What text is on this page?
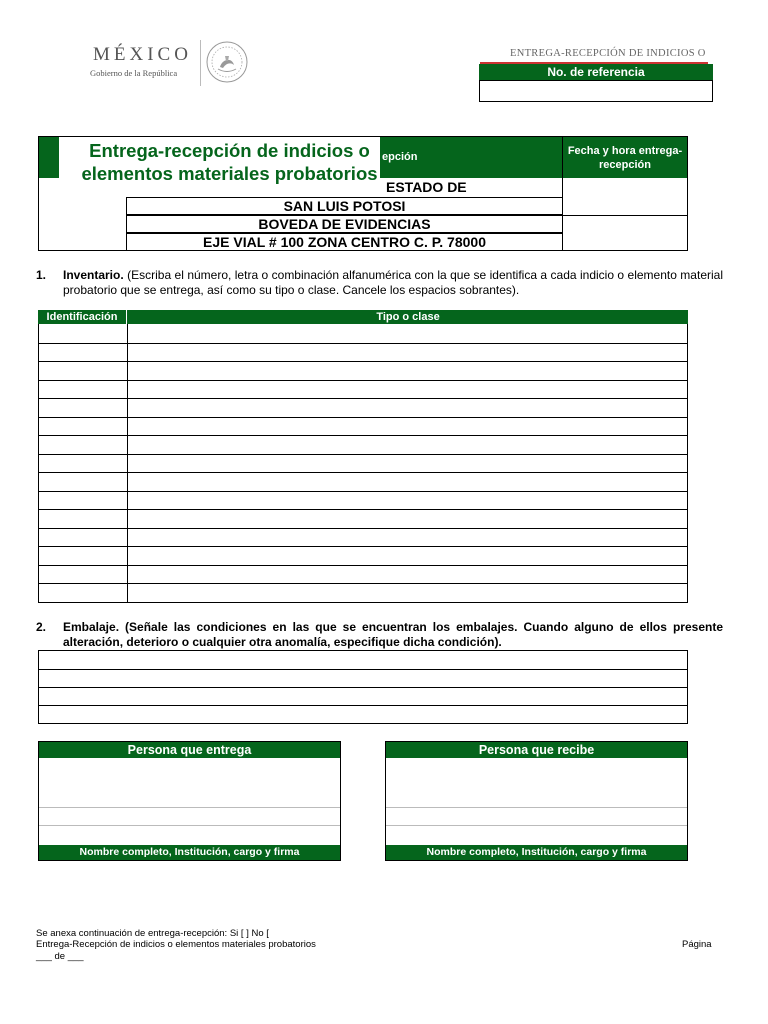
MÉXICO
Gobierno de la República
ENTREGA-RECEPCIÓN DE INDICIOS O
No. de referencia
epción
Fecha y hora entrega-recepción
Entrega-recepción de indicios o elementos materiales probatorios
ESTADO DE
SAN LUIS POTOSI
BOVEDA DE EVIDENCIAS
EJE VIAL # 100 ZONA CENTRO C. P. 78000
1. Inventario. (Escriba el número, letra o combinación alfanumérica con la que se identifica a cada indicio o elemento material probatorio que se entrega, así como su tipo o clase. Cancele los espacios sobrantes).
Identificación	Tipo o clase
2. Embalaje. (Señale las condiciones en las que se encuentran los embalajes. Cuando alguno de ellos presente alteración, deterioro o cualquier otra anomalía, especifique dicha condición).
Persona que entrega
Nombre completo, Institución, cargo y firma
Persona que recibe
Nombre completo, Institución, cargo y firma
Se anexa continuación de entrega-recepción: Si [ ] No [
Entrega-Recepción de indicios o elementos materiales probatorios	Página
___ de ___
